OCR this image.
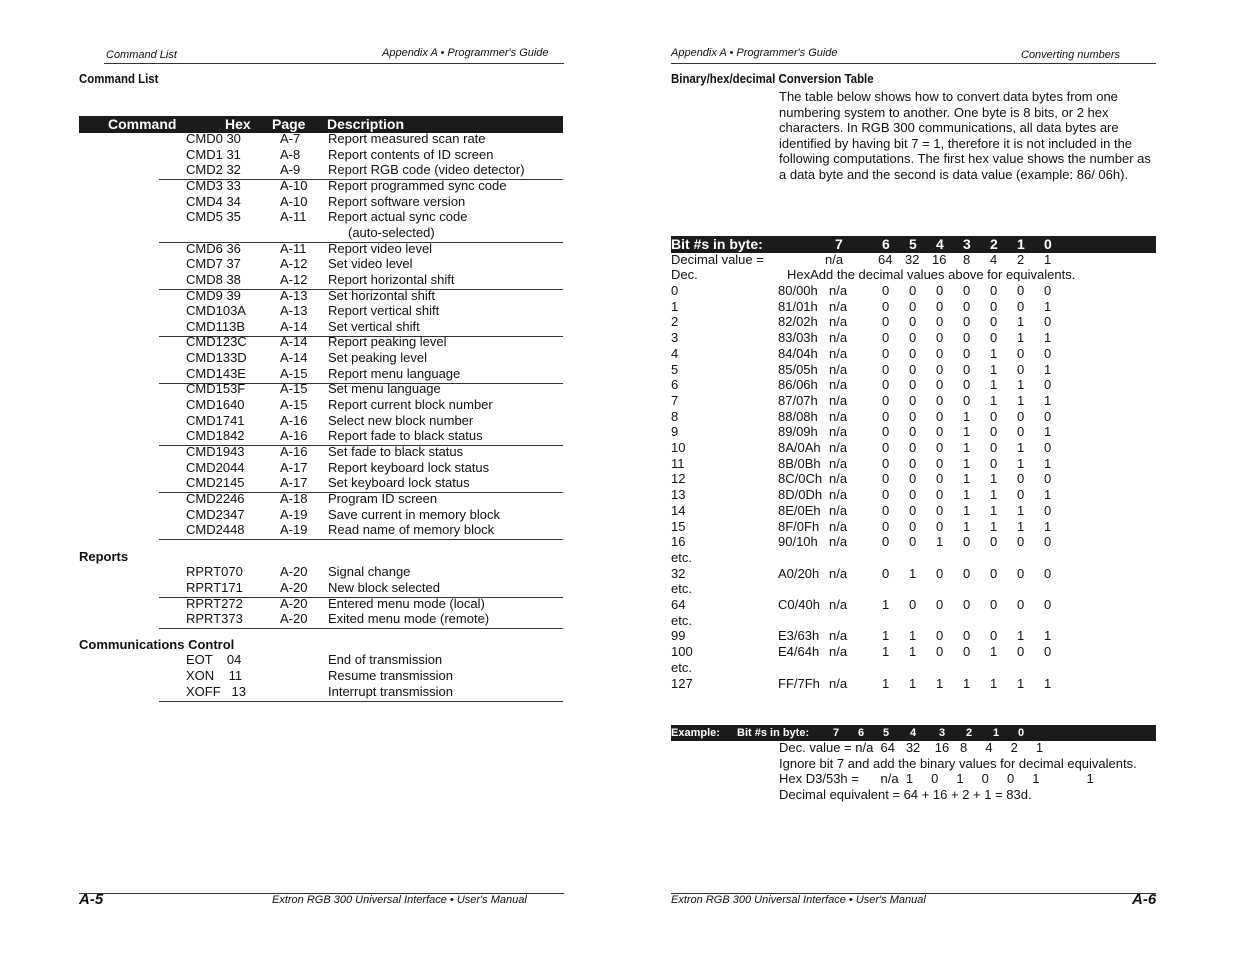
Command List	Appendix A • Programmer's Guide
Command List
Command	Hex Page Description
CMD0 30	A-7 Report measured scan rate
CMD1 31	A-8 Report contents of ID screen
CMD2 32	A-9 Report RGB code (video detector)
CMD3 33	A-10 Report programmed sync code
CMD4 34	A-10 Report software version
CMD5 35	A-11 Report actual sync code
(auto-selected)
CMD6 36	A-11 Report video level
CMD7 37	A-12 Set video level
CMD8 38	A-12 Report horizontal shift
CMD9 39	A-13 Set horizontal shift
CMD103A	A-13 Report vertical shift
CMD113B	A-14 Set vertical shift
CMD123C	A-14 Report peaking level
CMD133D	A-14 Set peaking level
CMD143E	A-15 Report menu language
CMD153F	A-15 Set menu language
CMD1640	A-15 Report current block number
CMD1741	A-16 Select new block number
CMD1842	A-16 Report fade to black status
CMD1943	A-16 Set fade to black status
CMD2044	A-17 Report keyboard lock status
CMD2145	A-17 Set keyboard lock status
CMD2246	A-18 Program ID screen
CMD2347	A-19 Save current in memory block
CMD2448	A-19 Read name of memory block
Reports
RPRT070	A-20 Signal change
RPRT171	A-20 New block selected
RPRT272	A-20 Entered menu mode (local)
RPRT373	A-20 Exited menu mode (remote)
Communications Control
EOT    04	End of transmission
XON    11	Resume transmission
XOFF   13	Interrupt transmission
A-5	Extron RGB 300 Universal Interface • User's Manual
Appendix A • Programmer's Guide	Converting numbers
Binary/hex/decimal Conversion Table
The table below shows how to convert data bytes from one numbering system to another. One byte is 8 bits, or 2 hex characters. In RGB 300 communications, all data bytes are identified by having bit 7 = 1, therefore it is not included in the following computations. The first hex value shows the number as a data byte and the second is data value (example: 86/ 06h).
Bit #s in byte:	7	6 5 4 3 2 1 0
Decimal value =	n/a	64 32 16 8 4 2 1
Dec.	HexAdd the decimal values above for equivalents.
0	80/00h n/a	0 0 0 0 0 0 0
1	81/01h n/a	0 0 0 0 0 0 1
2	82/02h n/a	0 0 0 0 0 1 0
3	83/03h n/a	0 0 0 0 0 1 1
4	84/04h n/a	0 0 0 0 1 0 0
5	85/05h n/a	0 0 0 0 1 0 1
6	86/06h n/a	0 0 0 0 1 1 0
7	87/07h n/a	0 0 0 0 1 1 1
8	88/08h n/a	0 0 0 1 0 0 0
9	89/09h n/a	0 0 0 1 0 0 1
10	8A/0Ah n/a	0 0 0 1 0 1 0
11	8B/0Bh n/a	0 0 0 1 0 1 1
12	8C/0Ch n/a	0 0 0 1 1 0 0
13	8D/0Dh n/a	0 0 0 1 1 0 1
14	8E/0Eh n/a	0 0 0 1 1 1 0
15	8F/0Fh n/a	0 0 0 1 1 1 1
16	90/10h n/a	0 0 1 0 0 0 0
etc.
32	A0/20h n/a	0 1 0 0 0 0 0
etc.
64	C0/40h n/a	1 0 0 0 0 0 0
etc.
99	E3/63h n/a	1 1 0 0 0 1 1
100	E4/64h n/a	1 1 0 0 1 0 0
etc.
127	FF/7Fh n/a	1 1 1 1 1 1 1
Example: Bit #s in byte: 7 6 5 4 3 2 1 0
Dec. value = n/a  64   32    16   8     4     2     1
Ignore bit 7 and add the binary values for decimal equivalents.
Hex D3/53h =      n/a  1     0     1     0     0     1             1
Decimal equivalent = 64 + 16 + 2 + 1 = 83d.
Extron RGB 300 Universal Interface • User's Manual	A-6
